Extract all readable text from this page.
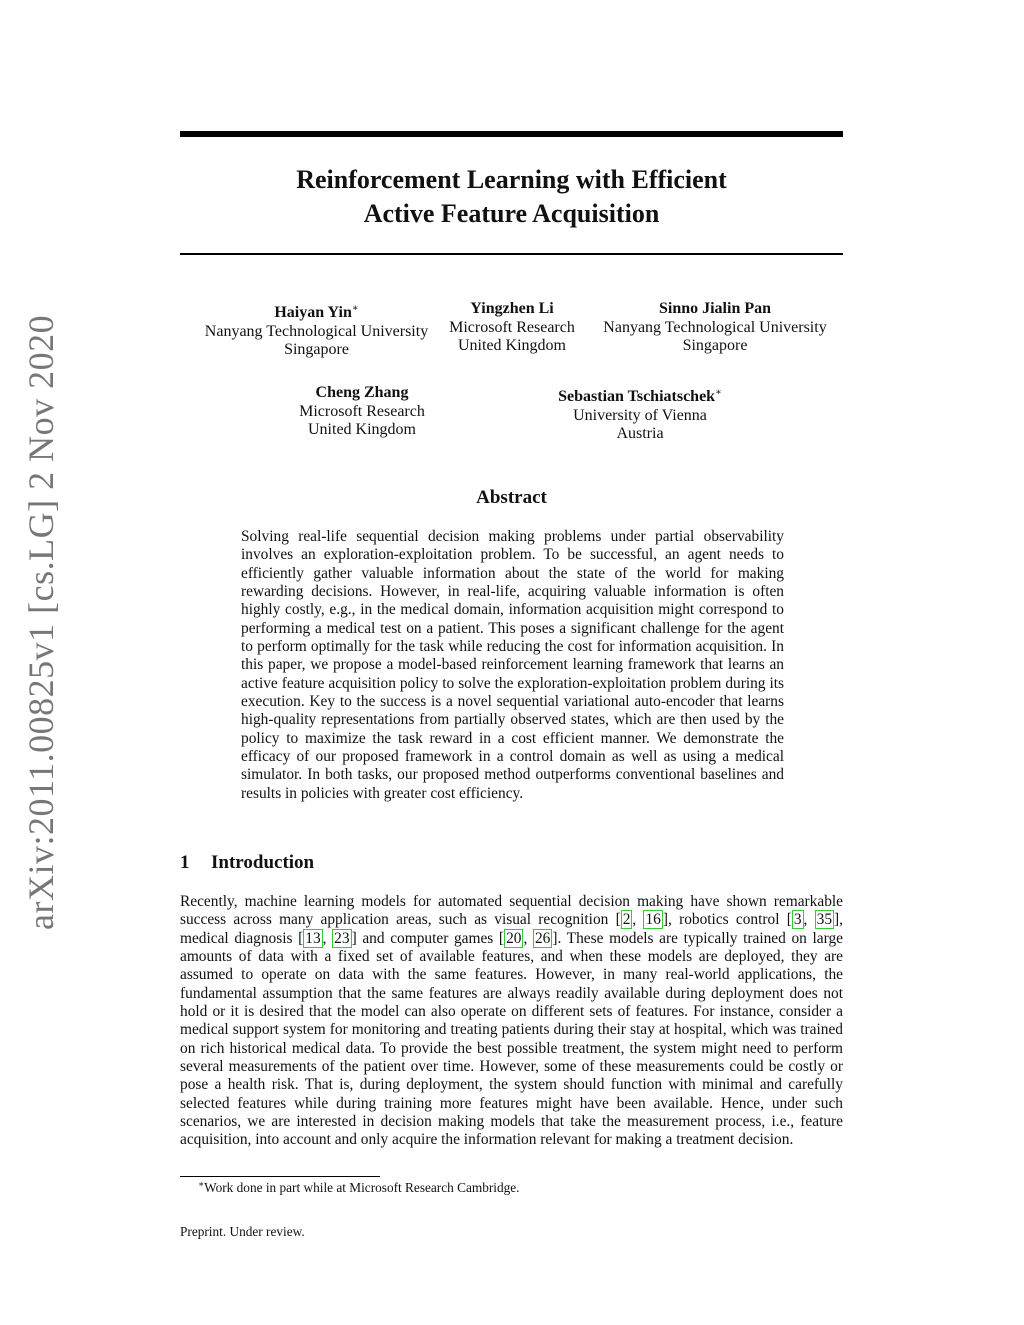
arXiv:2011.00825v1 [cs.LG] 2 Nov 2020
Reinforcement Learning with Efficient
Active Feature Acquisition
Haiyan Yin∗
Nanyang Technological University
Singapore
Yingzhen Li
Microsoft Research
United Kingdom
Sinno Jialin Pan
Nanyang Technological University
Singapore
Cheng Zhang
Microsoft Research
United Kingdom
Sebastian Tschiatschek∗
University of Vienna
Austria
Abstract

Solving real-life sequential decision making problems under partial observability involves an exploration-exploitation problem. To be successful, an agent needs to efficiently gather valuable information about the state of the world for making rewarding decisions. However, in real-life, acquiring valuable information is often highly costly, e.g., in the medical domain, information acquisition might correspond to performing a medical test on a patient. This poses a significant challenge for the agent to perform optimally for the task while reducing the cost for information acquisition. In this paper, we propose a model-based reinforcement learning framework that learns an active feature acquisition policy to solve the exploration-exploitation problem during its execution. Key to the success is a novel sequential variational auto-encoder that learns high-quality representations from partially observed states, which are then used by the policy to maximize the task reward in a cost efficient manner. We demonstrate the efficacy of our proposed framework in a control domain as well as using a medical simulator. In both tasks, our proposed method outperforms conventional baselines and results in policies with greater cost efficiency.

1 Introduction

Recently, machine learning models for automated sequential decision making have shown remarkable success across many application areas, such as visual recognition [ 2 , 16 ], robotics control [ 3 , 35 ], medical diagnosis [ 13 , 23 ] and computer games [ 20 , 26 ]. These models are typically trained on large amounts of data with a fixed set of available features, and when these models are deployed, they are assumed to operate on data with the same features. However, in many real-world applications, the fundamental assumption that the same features are always readily available during deployment does not hold or it is desired that the model can also operate on different sets of features. For instance, consider a medical support system for monitoring and treating patients during their stay at hospital, which was trained on rich historical medical data. To provide the best possible treatment, the system might need to perform several measurements of the patient over time. However, some of these measurements could be costly or pose a health risk. That is, during deployment, the system should function with minimal and carefully selected features while during training more features might have been available. Hence, under such scenarios, we are interested in decision making models that take the measurement process, i.e., feature acquisition, into account and only acquire the information relevant for making a treatment decision.

∗Work done in part while at Microsoft Research Cambridge.
Preprint. Under review.
